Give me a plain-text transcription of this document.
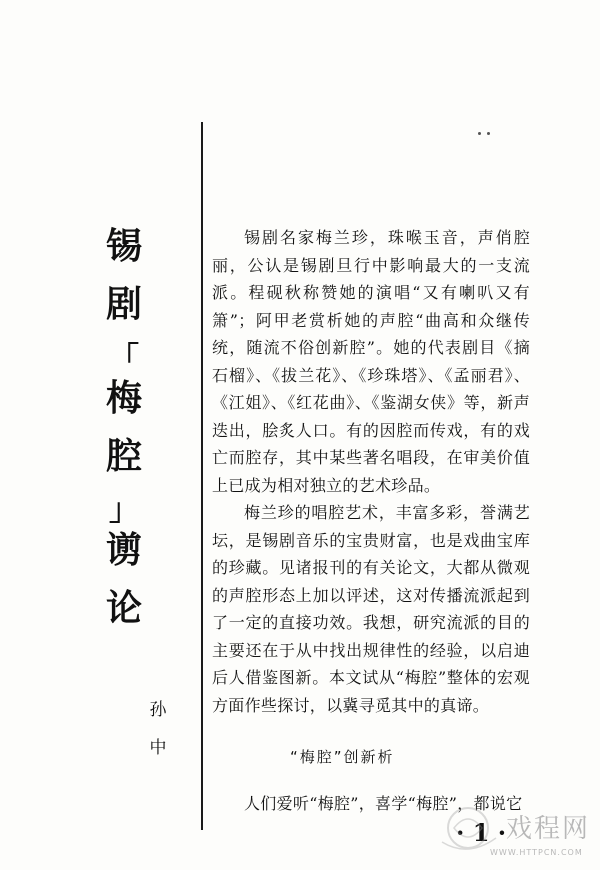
锡
剧
「
梅
腔
」
谫
论
孙
中

锡剧名家梅兰珍，珠喉玉音，声俏腔丽，公认是锡剧旦行中影响最大的一支流派。程砚秋称赞她的演唱“又有喇叭又有箫”；阿甲老赏析她的声腔“曲高和众继传统，随流不俗创新腔”。她的代表剧目《摘石榴》、《拔兰花》、《珍珠塔》、《孟丽君》、《江姐》、《红花曲》、《鉴湖女侠》等，新声迭出，脍炙人口。有的因腔而传戏，有的戏亡而腔存，其中某些著名唱段，在审美价值上已成为相对独立的艺术珍品。

梅兰珍的唱腔艺术，丰富多彩，誉满艺坛，是锡剧音乐的宝贵财富，也是戏曲宝库的珍藏。见诸报刊的有关论文，大都从微观的声腔形态上加以评述，这对传播流派起到了一定的直接功效。我想，研究流派的目的主要还在于从中找出规律性的经验，以启迪后人借鉴图新。本文试从“梅腔”整体的宏观方面作些探讨，以冀寻觅其中的真谛。

“梅腔”创新析
人们爱听“梅腔”，喜学“梅腔”，都说它
· 1 · 戏程网
WWW.HTTPCN.COM
